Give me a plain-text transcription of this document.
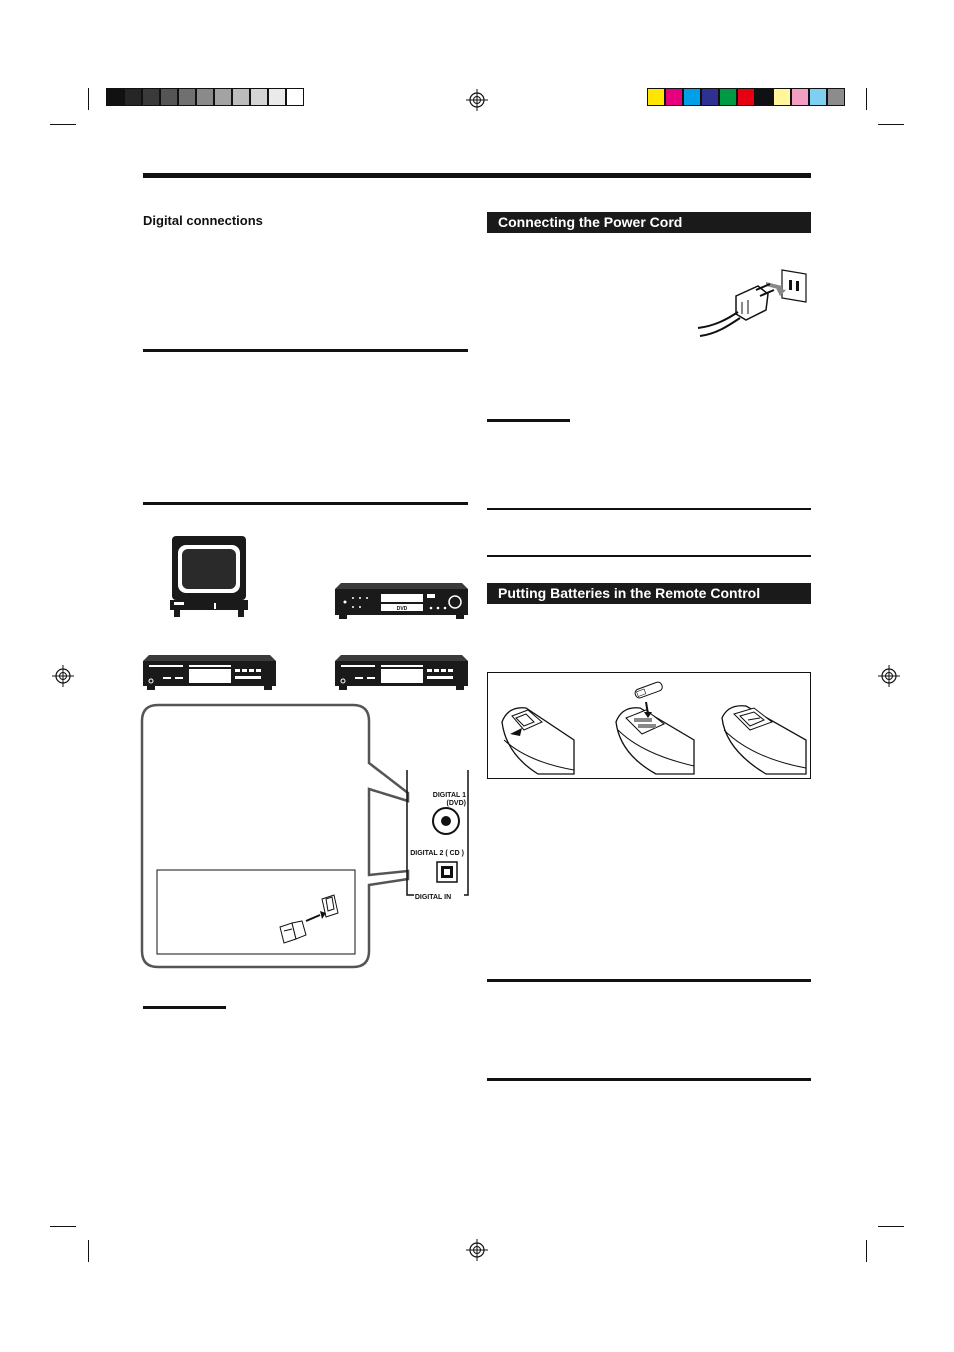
Digital connections
DVD
DIGITAL 1
(DVD)
DIGITAL 2 ( CD )
DIGITAL IN
Connecting the Power Cord
Putting Batteries in the Remote Control
